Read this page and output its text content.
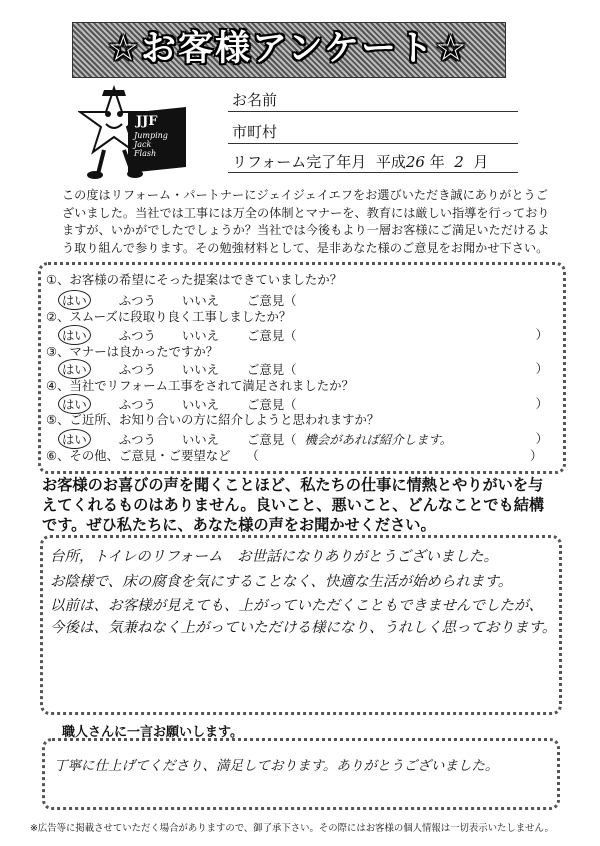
☆お客様アンケート☆
JJF
Jumping
Jack
Flash
お名前
市町村
リフォーム完了年月 平成26 年 2 月
この度はリフォーム・パートナーにジェイジェイエフをお選びいただき誠にありがとうございました。当社では工事には万全の体制とマナーを、教育には厳しい指導を行っておりますが、いかがでしたでしょうか？当社では今後もより一層お客様にご満足いただけるよう取り組んで参ります。その勉強材料として、是非あなた様のご意見をお聞かせ下さい。
①、お客様の希望にそった提案はできていましたか？
はい	ふつう いいえ ご意見（
②、スムーズに段取り良く工事しましたか？
はい	ふつう いいえ ご意見（	）
③、マナーは良かったですか？
はい	ふつう いいえ ご意見（	）
④、当社でリフォーム工事をされて満足されましたか？
はい	ふつう いいえ ご意見（	）
⑤、ご近所、お知り合いの方に紹介しようと思われますか？
はい	ふつう いいえ ご意見（ 機会があれば紹介します。	）
⑥、その他、ご意見・ご要望など （	）
お客様のお喜びの声を聞くことほど、私たちの仕事に情熱とやりがいを与えてくれるものはありません。良いこと、悪いこと、どんなことでも結構です。ぜひ私たちに、あなた様の声をお聞かせください。
台所，トイレのリフォーム　お世話になりありがとうございました。
お陰様で、床の腐食を気にすることなく、快適な生活が始められます。
以前は、お客様が見えても、上がっていただくこともできませんでしたが、
今後は、気兼ねなく上がっていただける様になり、うれしく思っております。
職人さんに一言お願いします。
丁寧に仕上げてくださり、満足しております。ありがとうございました。
※広告等に掲載させていただく場合がありますので、御了承下さい。その際にはお客様の個人情報は一切表示いたしません。
